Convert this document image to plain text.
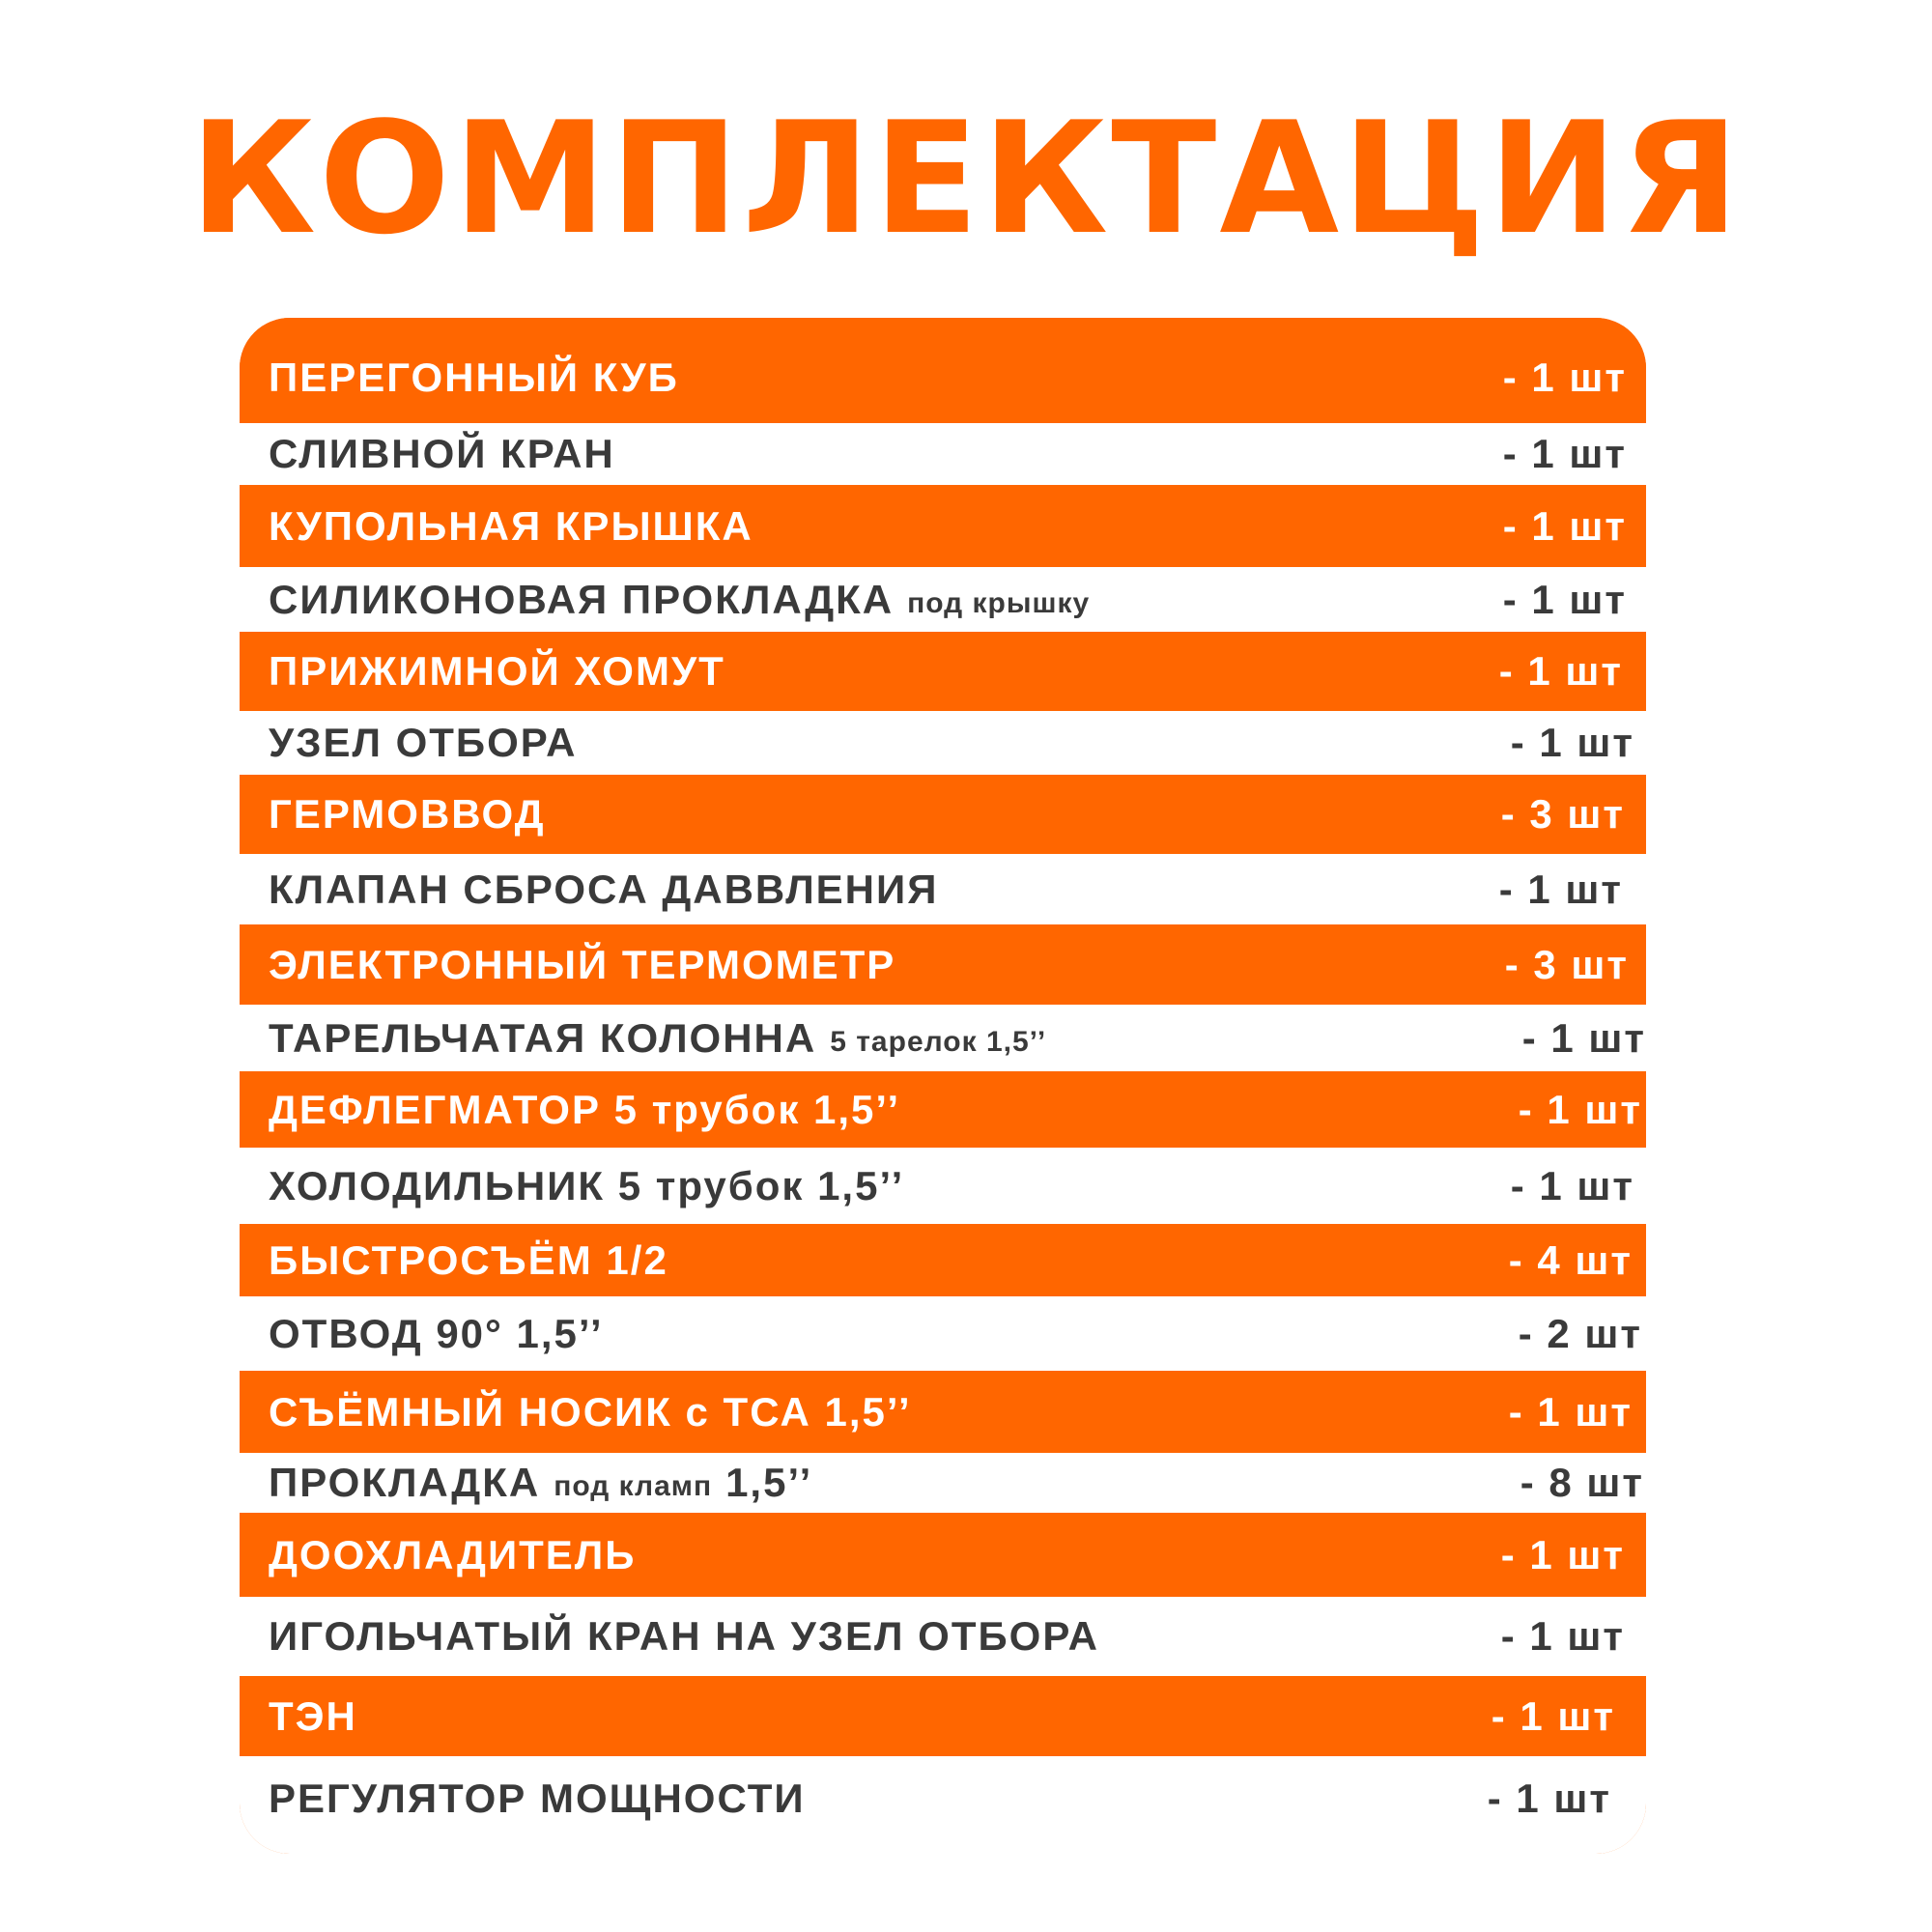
КОМПЛЕКТАЦИЯ
ПЕРЕГОННЫЙ КУБ	- 1 шт
СЛИВНОЙ КРАН	- 1 шт
КУПОЛЬНАЯ КРЫШКА	- 1 шт
СИЛИКОНОВАЯ ПРОКЛАДКА под крышку	- 1 шт
ПРИЖИМНОЙ ХОМУТ	- 1 шт
УЗЕЛ ОТБОРА	- 1 шт
ГЕРМОВВОД	- 3 шт
КЛАПАН СБРОСА ДАВВЛЕНИЯ	- 1 шт
ЭЛЕКТРОННЫЙ ТЕРМОМЕТР	- 3 шт
ТАРЕЛЬЧАТАЯ КОЛОННА 5 тарелок 1,5’’	- 1 шт
ДЕФЛЕГМАТОР 5 трубок 1,5’’	- 1 шт
ХОЛОДИЛЬНИК 5 трубок 1,5’’	- 1 шт
БЫСТРОСЪЁМ 1/2	- 4 шт
ОТВОД 90° 1,5’’	- 2 шт
СЪЁМНЫЙ НОСИК с ТСА 1,5’’	- 1 шт
ПРОКЛАДКА под кламп 1,5’’	- 8 шт
ДООХЛАДИТЕЛЬ	- 1 шт
ИГОЛЬЧАТЫЙ КРАН НА УЗЕЛ ОТБОРА	- 1 шт
ТЭН	- 1 шт
РЕГУЛЯТОР МОЩНОСТИ	- 1 шт
